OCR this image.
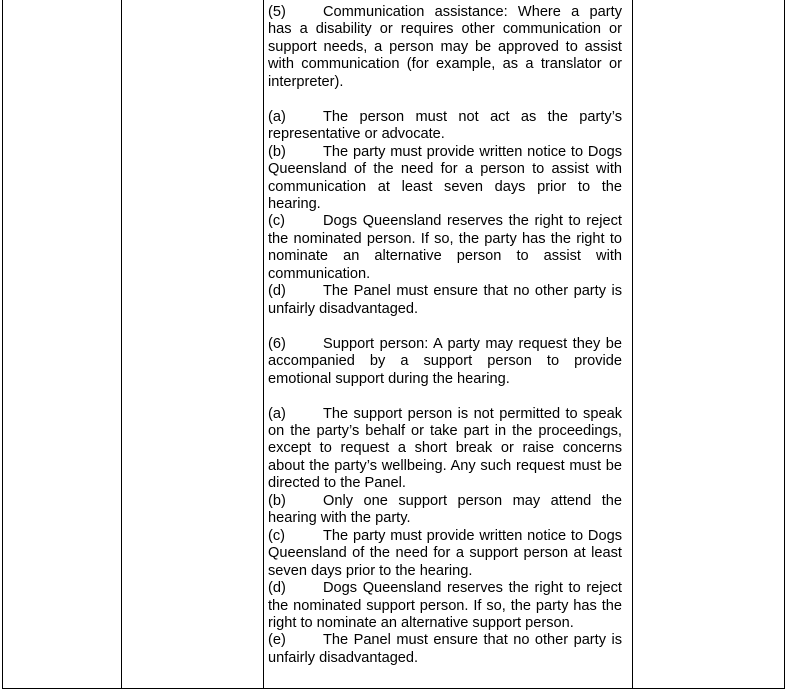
(5)	Communication assistance: Where a party has a disability or requires other communication or support needs, a person may be approved to assist with communication (for example, as a translator or interpreter).

(a)	The person must not act as the party’s representative or advocate.

(b)	The party must provide written notice to Dogs Queensland of the need for a person to assist with communication at least seven days prior to the hearing.

(c)	Dogs Queensland reserves the right to reject the nominated person. If so, the party has the right to nominate an alternative person to assist with communication.

(d)	The Panel must ensure that no other party is unfairly disadvantaged.

(6)	Support person: A party may request they be accompanied by a support person to provide emotional support during the hearing.

(a)	The support person is not permitted to speak on the party’s behalf or take part in the proceedings, except to request a short break or raise concerns about the party’s wellbeing. Any such request must be directed to the Panel.

(b)	Only one support person may attend the hearing with the party.

(c)	The party must provide written notice to Dogs Queensland of the need for a support person at least seven days prior to the hearing.

(d)	Dogs Queensland reserves the right to reject the nominated support person. If so, the party has the right to nominate an alternative support person.

(e)	The Panel must ensure that no other party is unfairly disadvantaged.
